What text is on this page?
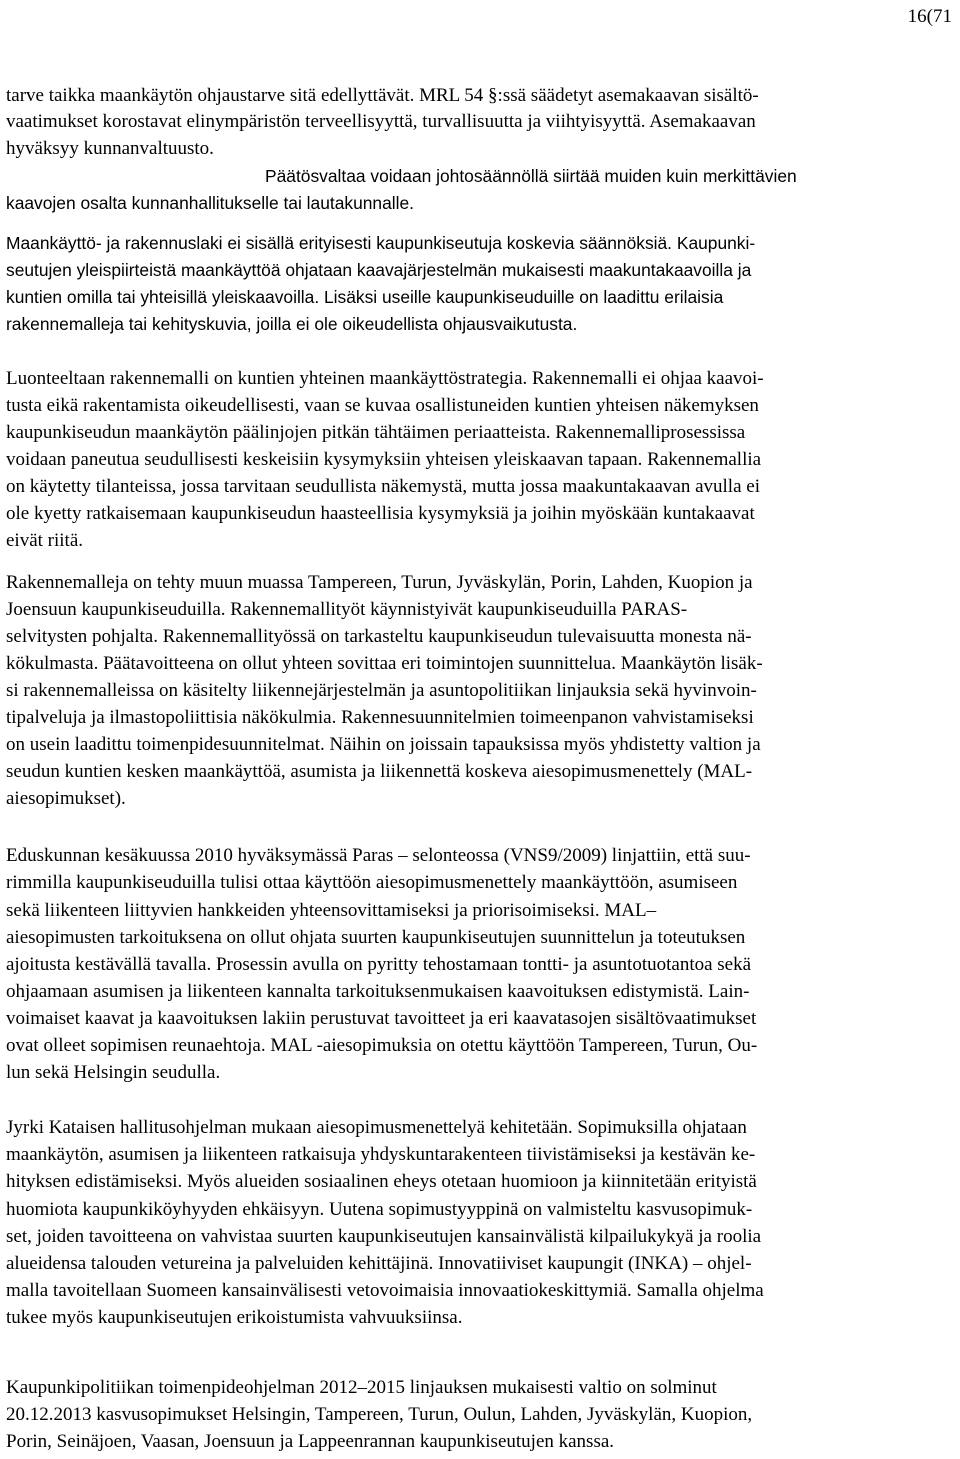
16(71
tarve taikka maankäytön ohjaustarve sitä edellyttävät. MRL 54 §:ssä säädetyt asemakaavan sisältö-
vaatimukset korostavat elinympäristön terveellisyyttä, turvallisuutta ja viihtyisyyttä. Asemakaavan
hyväksyy kunnanvaltuusto.
Päätösvaltaa voidaan johtosäännöllä siirtää muiden kuin merkittävien
kaavojen osalta kunnanhallitukselle tai lautakunnalle.
Maankäyttö- ja rakennuslaki ei sisällä erityisesti kaupunkiseutuja koskevia säännöksiä. Kaupunki-
seutujen yleispiirteistä maankäyttöä ohjataan kaavajärjestelmän mukaisesti maakuntakaavoilla ja
kuntien omilla tai yhteisillä yleiskaavoilla. Lisäksi useille kaupunkiseuduille on laadittu erilaisia
rakennemalleja tai kehityskuvia, joilla ei ole oikeudellista ohjausvaikutusta.
Luonteeltaan rakennemalli on kuntien yhteinen maankäyttöstrategia. Rakennemalli ei ohjaa kaavoi-
tusta eikä rakentamista oikeudellisesti, vaan se kuvaa osallistuneiden kuntien yhteisen näkemyksen
kaupunkiseudun maankäytön päälinjojen pitkän tähtäimen periaatteista. Rakennemalliprosessissa
voidaan paneutua seudullisesti keskeisiin kysymyksiin yhteisen yleiskaavan tapaan. Rakennemallia
on käytetty tilanteissa, jossa tarvitaan seudullista näkemystä, mutta jossa maakuntakaavan avulla ei
ole kyetty ratkaisemaan kaupunkiseudun haasteellisia kysymyksiä ja joihin myöskään kuntakaavat
eivät riitä.
Rakennemalleja on tehty muun muassa Tampereen, Turun, Jyväskylän, Porin, Lahden, Kuopion ja
Joensuun kaupunkiseuduilla. Rakennemallityöt käynnistyivät kaupunkiseuduilla PARAS-
selvitysten pohjalta. Rakennemallityössä on tarkasteltu kaupunkiseudun tulevaisuutta monesta nä-
kökulmasta. Päätavoitteena on ollut yhteen sovittaa eri toimintojen suunnittelua. Maankäytön lisäk-
si rakennemalleissa on käsitelty liikennejärjestelmän ja asuntopolitiikan linjauksia sekä hyvinvoin-
tipalveluja ja ilmastopoliittisia näkökulmia. Rakennesuunnitelmien toimeenpanon vahvistamiseksi
on usein laadittu toimenpidesuunnitelmat. Näihin on joissain tapauksissa myös yhdistetty valtion ja
seudun kuntien kesken maankäyttöä, asumista ja liikennettä koskeva aiesopimusmenettely (MAL-
aiesopimukset).
Eduskunnan kesäkuussa 2010 hyväksymässä Paras – selonteossa (VNS9/2009) linjattiin, että suu-
rimmilla kaupunkiseuduilla tulisi ottaa käyttöön aiesopimusmenettely maankäyttöön, asumiseen
sekä liikenteen liittyvien hankkeiden yhteensovittamiseksi ja priorisoimiseksi. MAL–
aiesopimusten tarkoituksena on ollut ohjata suurten kaupunkiseutujen suunnittelun ja toteutuksen
ajoitusta kestävällä tavalla. Prosessin avulla on pyritty tehostamaan tontti- ja asuntotuotantoa sekä
ohjaamaan asumisen ja liikenteen kannalta tarkoituksenmukaisen kaavoituksen edistymistä. Lain-
voimaiset kaavat ja kaavoituksen lakiin perustuvat tavoitteet ja eri kaavatasojen sisältövaatimukset
ovat olleet sopimisen reunaehtoja. MAL -aiesopimuksia on otettu käyttöön Tampereen, Turun, Ou-
lun sekä Helsingin seudulla.
Jyrki Kataisen hallitusohjelman mukaan aiesopimusmenettelyä kehitetään. Sopimuksilla ohjataan
maankäytön, asumisen ja liikenteen ratkaisuja yhdyskuntarakenteen tiivistämiseksi ja kestävän ke-
hityksen edistämiseksi. Myös alueiden sosiaalinen eheys otetaan huomioon ja kiinnitetään erityistä
huomiota kaupunkiköyhyyden ehkäisyyn. Uutena sopimustyyppinä on valmisteltu kasvusopimuk-
set, joiden tavoitteena on vahvistaa suurten kaupunkiseutujen kansainvälistä kilpailukykyä ja roolia
alueidensa talouden vetureina ja palveluiden kehittäjinä. Innovatiiviset kaupungit (INKA) – ohjel-
malla tavoitellaan Suomeen kansainvälisesti vetovoimaisia innovaatiokeskittymiä. Samalla ohjelma
tukee myös kaupunkiseutujen erikoistumista vahvuuksiinsa.
Kaupunkipolitiikan toimenpideohjelman 2012–2015 linjauksen mukaisesti valtio on solminut
20.12.2013 kasvusopimukset Helsingin, Tampereen, Turun, Oulun, Lahden, Jyväskylän, Kuopion,
Porin, Seinäjoen, Vaasan, Joensuun ja Lappeenrannan kaupunkiseutujen kanssa.
